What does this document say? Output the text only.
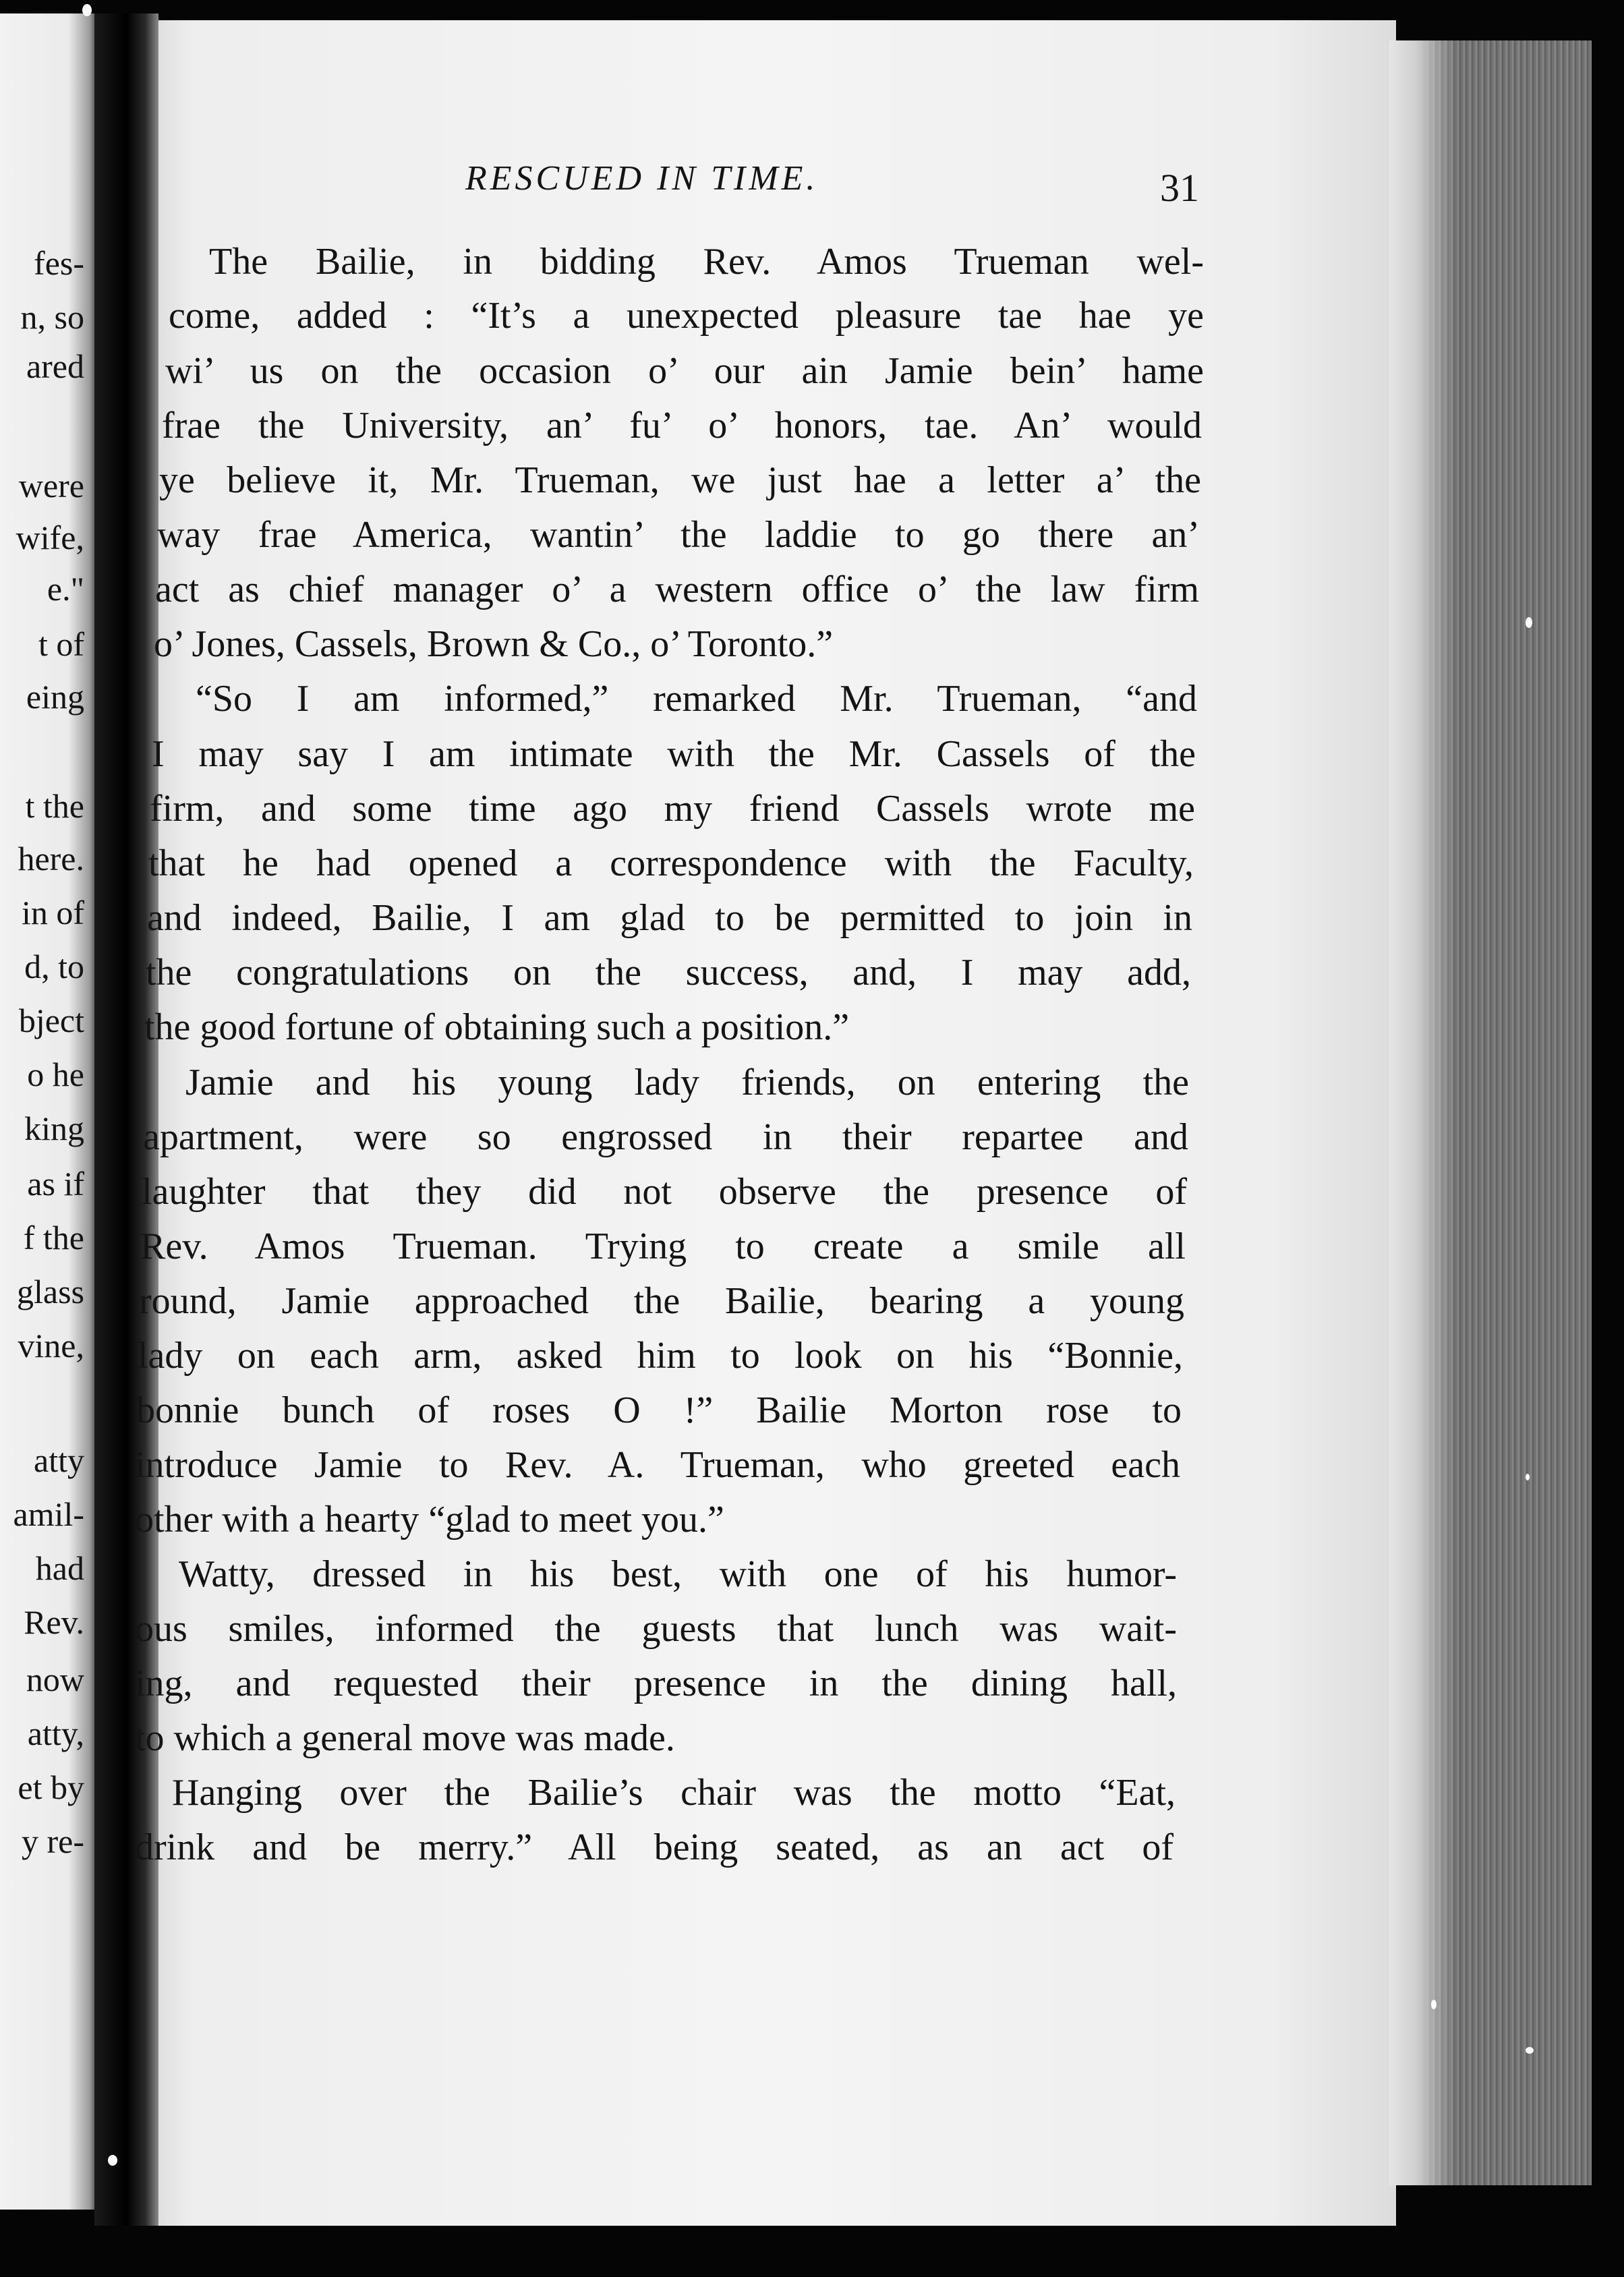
fes-
n, so
ared
were
wife,
e."
t of
eing
t the
here.
in of
d, to
bject
o he
king
as if
f the
glass
vine,
atty
amil-
had
Rev.
now
atty,
et by
y re-
RESCUED IN TIME.	31
The Bailie, in bidding Rev. Amos Trueman wel-
come, added : “It’s a unexpected pleasure tae hae ye
wi’ us on the occasion o’ our ain Jamie bein’ hame
frae the University, an’ fu’ o’ honors, tae. An’ would
ye believe it, Mr. Trueman, we just hae a letter a’ the
way frae America, wantin’ the laddie to go there an’
act as chief manager o’ a western office o’ the law firm
o’ Jones, Cassels, Brown & Co., o’ Toronto.”
“So I am informed,” remarked Mr. Trueman, “and
I may say I am intimate with the Mr. Cassels of the
firm, and some time ago my friend Cassels wrote me
that he had opened a correspondence with the Faculty,
and indeed, Bailie, I am glad to be permitted to join in
the congratulations on the success, and, I may add,
the good fortune of obtaining such a position.”
Jamie and his young lady friends, on entering the
apartment, were so engrossed in their repartee and
laughter that they did not observe the presence of
Rev. Amos Trueman. Trying to create a smile all
round, Jamie approached the Bailie, bearing a young
lady on each arm, asked him to look on his “Bonnie,
bonnie bunch of roses O !” Bailie Morton rose to
introduce Jamie to Rev. A. Trueman, who greeted each
other with a hearty “glad to meet you.”
Watty, dressed in his best, with one of his humor-
ous smiles, informed the guests that lunch was wait-
ing, and requested their presence in the dining hall,
to which a general move was made.
Hanging over the Bailie’s chair was the motto “Eat,
drink and be merry.” All being seated, as an act of
